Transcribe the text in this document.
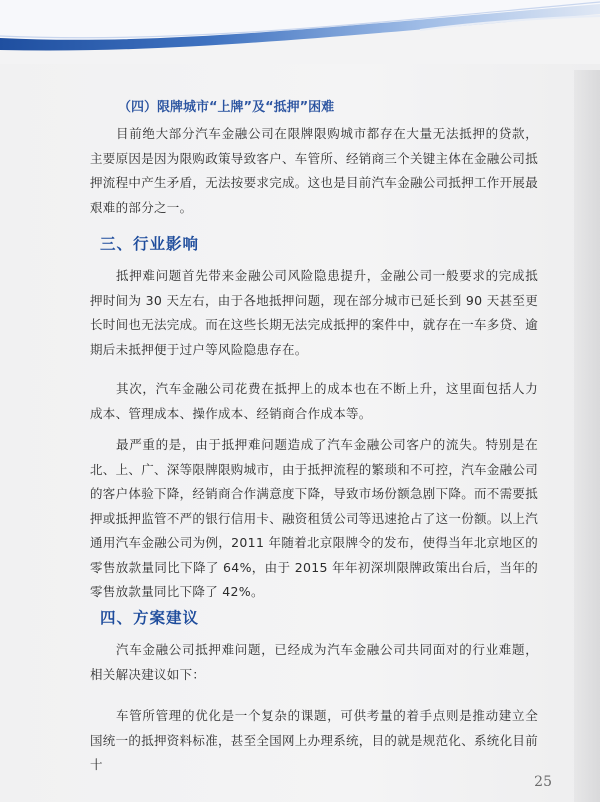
（四）限牌城市“上牌”及“抵押”困难
目前绝大部分汽车金融公司在限牌限购城市都存在大量无法抵押的贷款，主要原因是因为限购政策导致客户、车管所、经销商三个关键主体在金融公司抵押流程中产生矛盾，无法按要求完成。这也是目前汽车金融公司抵押工作开展最艰难的部分之一。
三、行业影响
抵押难问题首先带来金融公司风险隐患提升，金融公司一般要求的完成抵押时间为 30 天左右，由于各地抵押问题，现在部分城市已延长到 90 天甚至更长时间也无法完成。而在这些长期无法完成抵押的案件中，就存在一车多贷、逾期后未抵押便于过户等风险隐患存在。
其次，汽车金融公司花费在抵押上的成本也在不断上升，这里面包括人力成本、管理成本、操作成本、经销商合作成本等。
最严重的是，由于抵押难问题造成了汽车金融公司客户的流失。特别是在北、上、广、深等限牌限购城市，由于抵押流程的繁琐和不可控，汽车金融公司的客户体验下降，经销商合作满意度下降，导致市场份额急剧下降。而不需要抵押或抵押监管不严的银行信用卡、融资租赁公司等迅速抢占了这一份额。以上汽通用汽车金融公司为例，2011 年随着北京限牌令的发布，使得当年北京地区的零售放款量同比下降了 64%，由于 2015 年年初深圳限牌政策出台后，当年的零售放款量同比下降了 42%。
四、方案建议
汽车金融公司抵押难问题，已经成为汽车金融公司共同面对的行业难题，相关解决建议如下：
车管所管理的优化是一个复杂的课题，可供考量的着手点则是推动建立全国统一的抵押资料标准，甚至全国网上办理系统，目的就是规范化、系统化目前十
25
